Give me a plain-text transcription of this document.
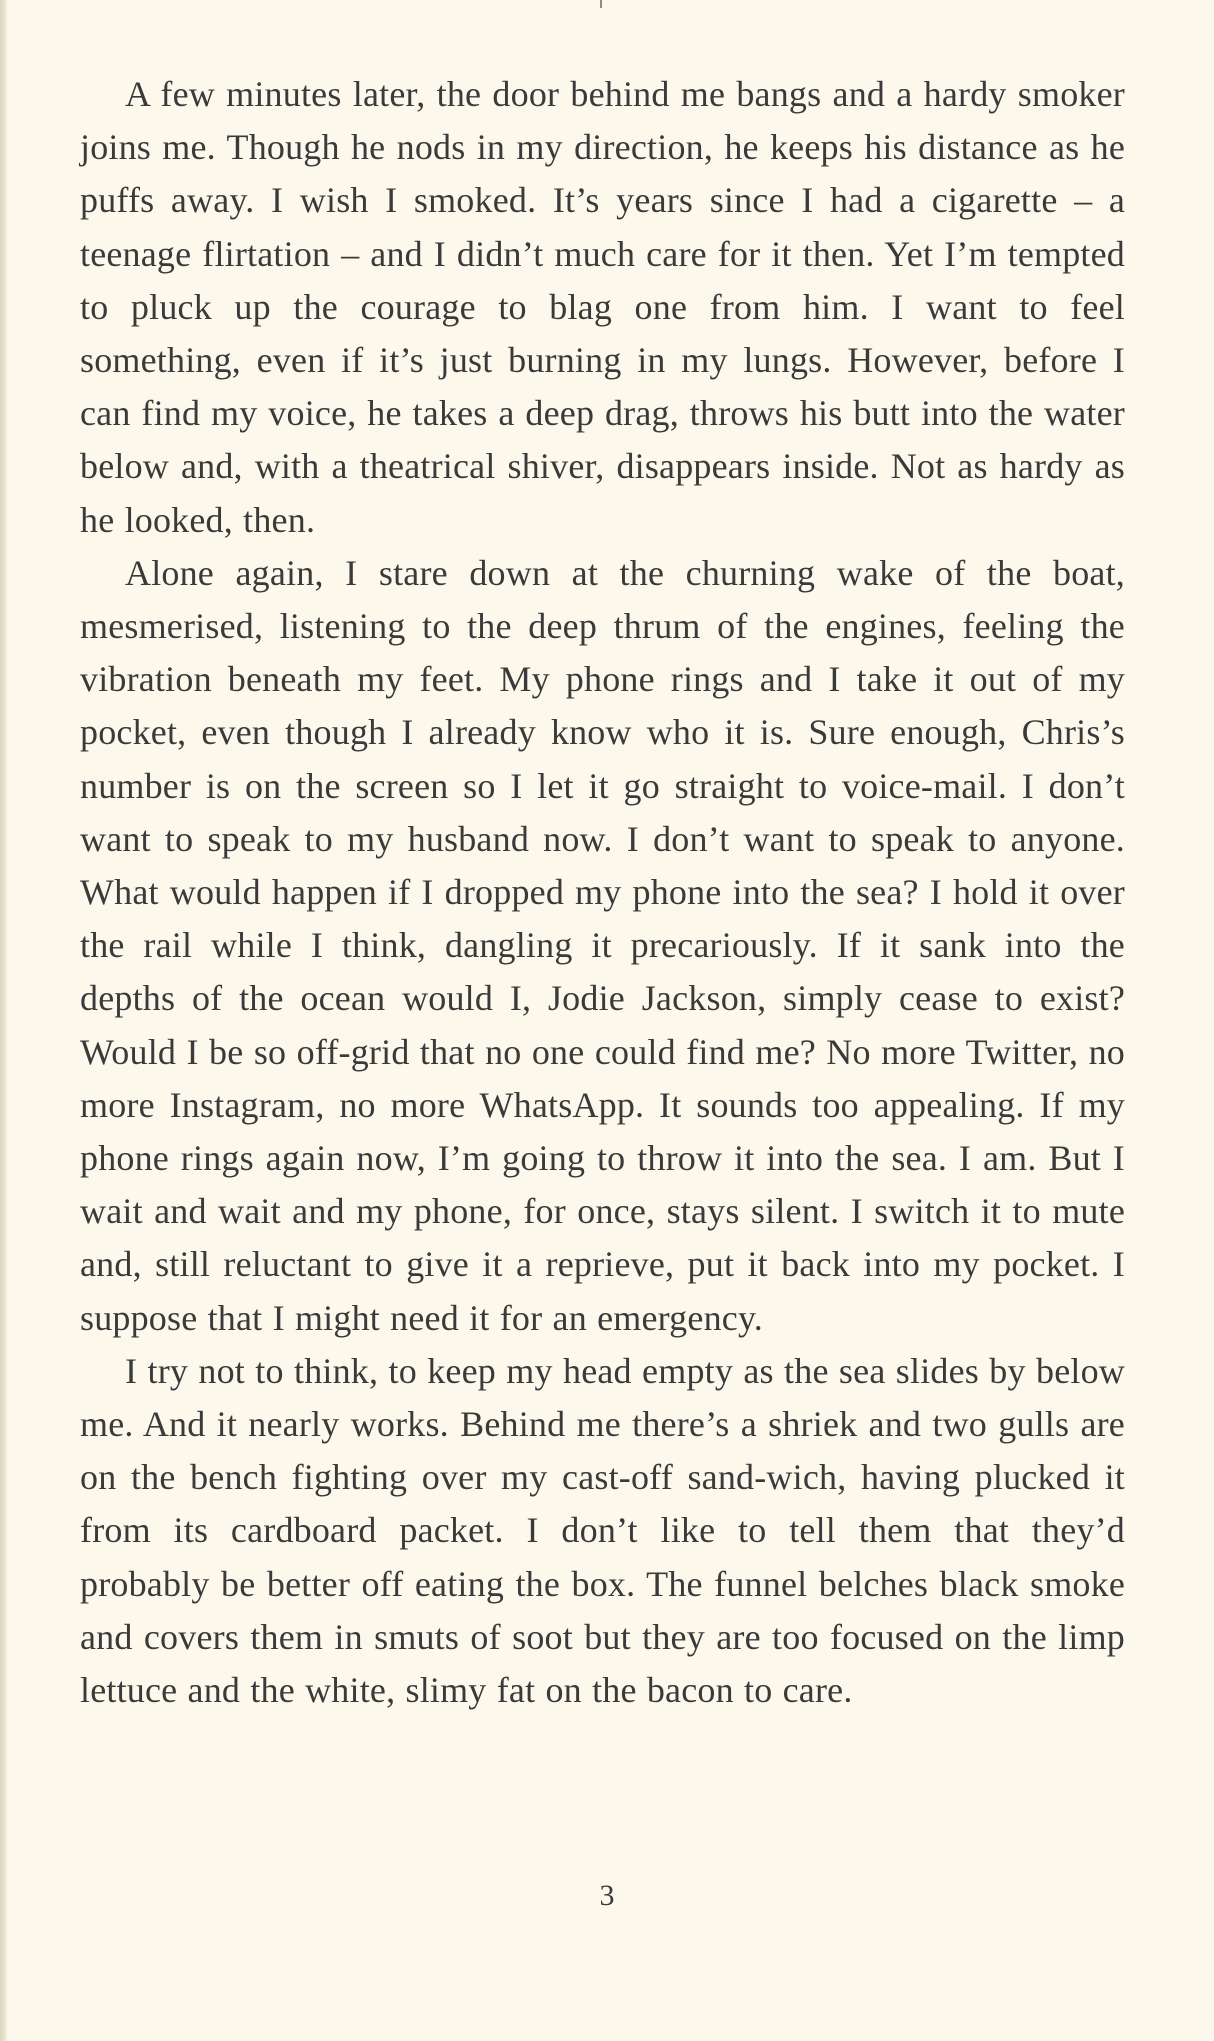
A few minutes later, the door behind me bangs and a hardy smoker joins me. Though he nods in my direction, he keeps his distance as he puffs away. I wish I smoked. It’s years since I had a cigarette – a teenage flirtation – and I didn’t much care for it then. Yet I’m tempted to pluck up the courage to blag one from him. I want to feel something, even if it’s just burning in my lungs. However, before I can find my voice, he takes a deep drag, throws his butt into the water below and, with a theatrical shiver, disappears inside. Not as hardy as he looked, then.

Alone again, I stare down at the churning wake of the boat, mesmerised, listening to the deep thrum of the engines, feeling the vibration beneath my feet. My phone rings and I take it out of my pocket, even though I already know who it is. Sure enough, Chris’s number is on the screen so I let it go straight to voice-mail. I don’t want to speak to my husband now. I don’t want to speak to anyone. What would happen if I dropped my phone into the sea? I hold it over the rail while I think, dangling it precariously. If it sank into the depths of the ocean would I, Jodie Jackson, simply cease to exist? Would I be so off-grid that no one could find me? No more Twitter, no more Instagram, no more WhatsApp. It sounds too appealing. If my phone rings again now, I’m going to throw it into the sea. I am. But I wait and wait and my phone, for once, stays silent. I switch it to mute and, still reluctant to give it a reprieve, put it back into my pocket. I suppose that I might need it for an emergency.

I try not to think, to keep my head empty as the sea slides by below me. And it nearly works. Behind me there’s a shriek and two gulls are on the bench fighting over my cast-off sand-wich, having plucked it from its cardboard packet. I don’t like to tell them that they’d probably be better off eating the box. The funnel belches black smoke and covers them in smuts of soot but they are too focused on the limp lettuce and the white, slimy fat on the bacon to care.

3
